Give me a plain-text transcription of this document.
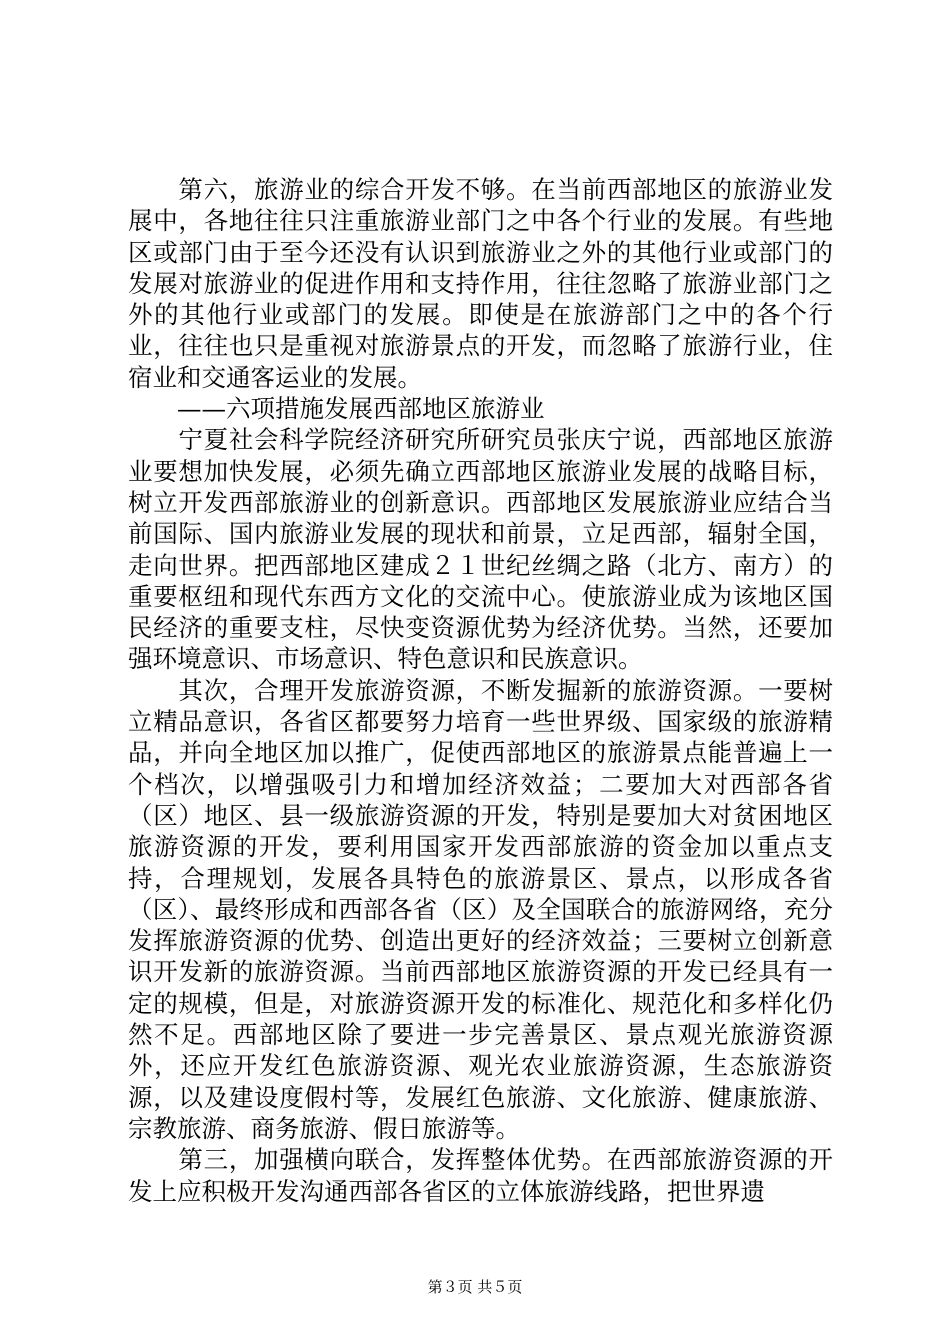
　　第六，旅游业的综合开发不够。在当前西部地区的旅游业发展中，各地往往只注重旅游业部门之中各个行业的发展。有些地区或部门由于至今还没有认识到旅游业之外的其他行业或部门的发展对旅游业的促进作用和支持作用，往往忽略了旅游业部门之外的其他行业或部门的发展。即使是在旅游部门之中的各个行业，往往也只是重视对旅游景点的开发，而忽略了旅游行业，住宿业和交通客运业的发展。

　　——六项措施发展西部地区旅游业

　　宁夏社会科学院经济研究所研究员张庆宁说，西部地区旅游业要想加快发展，必须先确立西部地区旅游业发展的战略目标，树立开发西部旅游业的创新意识。西部地区发展旅游业应结合当前国际、国内旅游业发展的现状和前景，立足西部，辐射全国，走向世界。把西部地区建成２１世纪丝绸之路（北方、南方）的重要枢纽和现代东西方文化的交流中心。使旅游业成为该地区国民经济的重要支柱，尽快变资源优势为经济优势。当然，还要加强环境意识、市场意识、特色意识和民族意识。

　　其次，合理开发旅游资源，不断发掘新的旅游资源。一要树立精品意识，各省区都要努力培育一些世界级、国家级的旅游精品，并向全地区加以推广，促使西部地区的旅游景点能普遍上一个档次，以增强吸引力和增加经济效益；二要加大对西部各省（区）地区、县一级旅游资源的开发，特别是要加大对贫困地区旅游资源的开发，要利用国家开发西部旅游的资金加以重点支持，合理规划，发展各具特色的旅游景区、景点，以形成各省（区）、最终形成和西部各省（区）及全国联合的旅游网络，充分发挥旅游资源的优势、创造出更好的经济效益；三要树立创新意识开发新的旅游资源。当前西部地区旅游资源的开发已经具有一定的规模，但是，对旅游资源开发的标准化、规范化和多样化仍然不足。西部地区除了要进一步完善景区、景点观光旅游资源外，还应开发红色旅游资源、观光农业旅游资源，生态旅游资源，以及建设度假村等，发展红色旅游、文化旅游、健康旅游、宗教旅游、商务旅游、假日旅游等。

　　第三，加强横向联合，发挥整体优势。在西部旅游资源的开发上应积极开发沟通西部各省区的立体旅游线路，把世界遗

第３页 共５页
